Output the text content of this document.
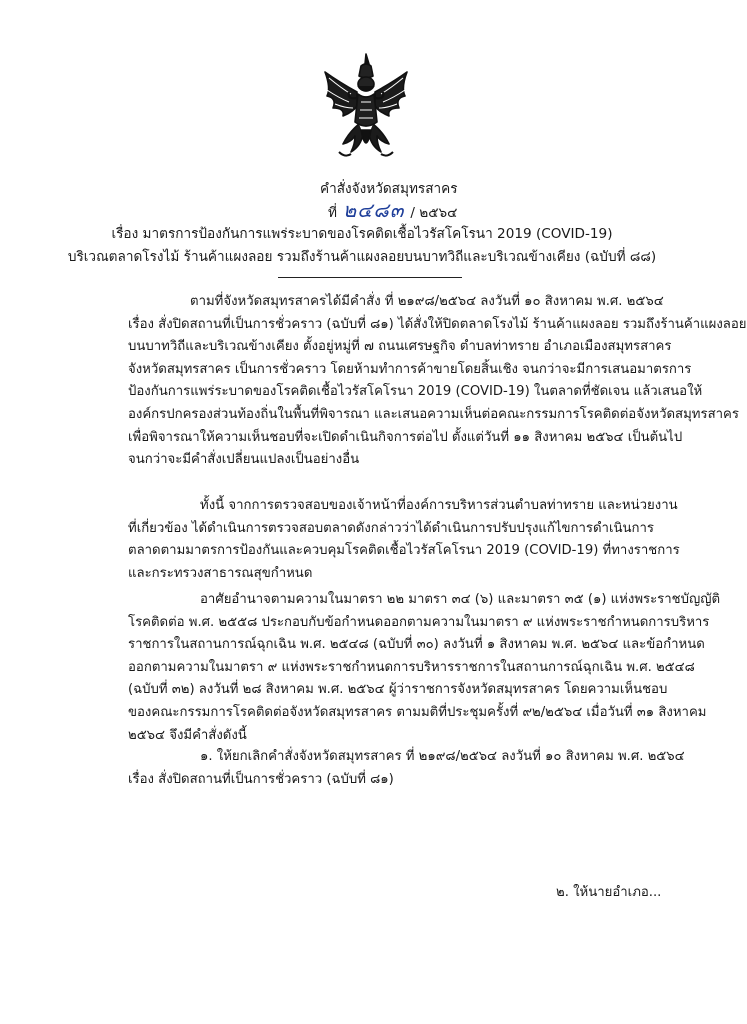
คำสั่งจังหวัดสมุทรสาคร
ที่ ๒๔๘๓ / ๒๕๖๔
เรื่อง มาตรการป้องกันการแพร่ระบาดของโรคติดเชื้อไวรัสโคโรนา 2019 (COVID-19)
บริเวณตลาดโรงไม้ ร้านค้าแผงลอย รวมถึงร้านค้าแผงลอยบนบาทวิถีและบริเวณข้างเคียง (ฉบับที่ ๘๘)
ตามที่จังหวัดสมุทรสาครได้มีคำสั่ง ที่ ๒๑๙๘/๒๕๖๔ ลงวันที่ ๑๐ สิงหาคม พ.ศ. ๒๕๖๔
เรื่อง สั่งปิดสถานที่เป็นการชั่วคราว (ฉบับที่ ๘๑) ได้สั่งให้ปิดตลาดโรงไม้ ร้านค้าแผงลอย รวมถึงร้านค้าแผงลอย
บนบาทวิถีและบริเวณข้างเคียง ตั้งอยู่หมู่ที่ ๗ ถนนเศรษฐกิจ ตำบลท่าทราย อำเภอเมืองสมุทรสาคร
จังหวัดสมุทรสาคร เป็นการชั่วคราว โดยห้ามทำการค้าขายโดยสิ้นเชิง จนกว่าจะมีการเสนอมาตรการ
ป้องกันการแพร่ระบาดของโรคติดเชื้อไวรัสโคโรนา 2019 (COVID-19) ในตลาดที่ชัดเจน แล้วเสนอให้
องค์กรปกครองส่วนท้องถิ่นในพื้นที่พิจารณา และเสนอความเห็นต่อคณะกรรมการโรคติดต่อจังหวัดสมุทรสาคร
เพื่อพิจารณาให้ความเห็นชอบที่จะเปิดดำเนินกิจการต่อไป ตั้งแต่วันที่ ๑๑ สิงหาคม ๒๕๖๔ เป็นต้นไป
จนกว่าจะมีคำสั่งเปลี่ยนแปลงเป็นอย่างอื่น
ทั้งนี้ จากการตรวจสอบของเจ้าหน้าที่องค์การบริหารส่วนตำบลท่าทราย และหน่วยงาน
ที่เกี่ยวข้อง ได้ดำเนินการตรวจสอบตลาดดังกล่าวว่าได้ดำเนินการปรับปรุงแก้ไขการดำเนินการ
ตลาดตามมาตรการป้องกันและควบคุมโรคติดเชื้อไวรัสโคโรนา 2019 (COVID-19) ที่ทางราชการ
และกระทรวงสาธารณสุขกำหนด
อาศัยอำนาจตามความในมาตรา ๒๒ มาตรา ๓๔ (๖) และมาตรา ๓๕ (๑) แห่งพระราชบัญญัติ
โรคติดต่อ พ.ศ. ๒๕๕๘ ประกอบกับข้อกำหนดออกตามความในมาตรา ๙ แห่งพระราชกำหนดการบริหาร
ราชการในสถานการณ์ฉุกเฉิน พ.ศ. ๒๕๔๘ (ฉบับที่ ๓๐) ลงวันที่ ๑ สิงหาคม พ.ศ. ๒๕๖๔ และข้อกำหนด
ออกตามความในมาตรา ๙ แห่งพระราชกำหนดการบริหารราชการในสถานการณ์ฉุกเฉิน พ.ศ. ๒๕๔๘
(ฉบับที่ ๓๒) ลงวันที่ ๒๘ สิงหาคม พ.ศ. ๒๕๖๔ ผู้ว่าราชการจังหวัดสมุทรสาคร โดยความเห็นชอบ
ของคณะกรรมการโรคติดต่อจังหวัดสมุทรสาคร ตามมติที่ประชุมครั้งที่ ๙๒/๒๕๖๔ เมื่อวันที่ ๓๑ สิงหาคม
๒๕๖๔ จึงมีคำสั่งดังนี้
๑. ให้ยกเลิกคำสั่งจังหวัดสมุทรสาคร ที่ ๒๑๙๘/๒๕๖๔ ลงวันที่ ๑๐ สิงหาคม พ.ศ. ๒๕๖๔
เรื่อง สั่งปิดสถานที่เป็นการชั่วคราว (ฉบับที่ ๘๑)
๒. ให้นายอำเภอ...
